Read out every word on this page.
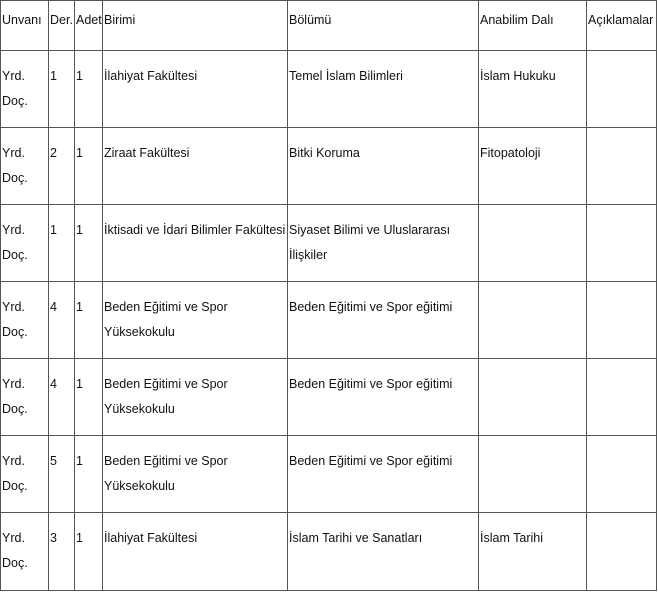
Unvanı	Der.	Adet	Birimi	Bölümü	Anabilim Dalı	Açıklamalar
Yrd. Doç.	1	1	İlahiyat Fakültesi	Temel İslam Bilimleri	İslam Hukuku	
Yrd. Doç.	2	1	Ziraat Fakültesi	Bitki Koruma	Fitopatoloji	
Yrd. Doç.	1	1	İktisadi ve İdari Bilimler Fakültesi	Siyaset Bilimi ve Uluslararası İlişkiler		
Yrd. Doç.	4	1	Beden Eğitimi ve Spor Yüksekokulu	Beden Eğitimi ve Spor eğitimi		
Yrd. Doç.	4	1	Beden Eğitimi ve Spor Yüksekokulu	Beden Eğitimi ve Spor eğitimi		
Yrd. Doç.	5	1	Beden Eğitimi ve Spor Yüksekokulu	Beden Eğitimi ve Spor eğitimi		
Yrd. Doç.	3	1	İlahiyat Fakültesi	İslam Tarihi ve Sanatları	İslam Tarihi	
